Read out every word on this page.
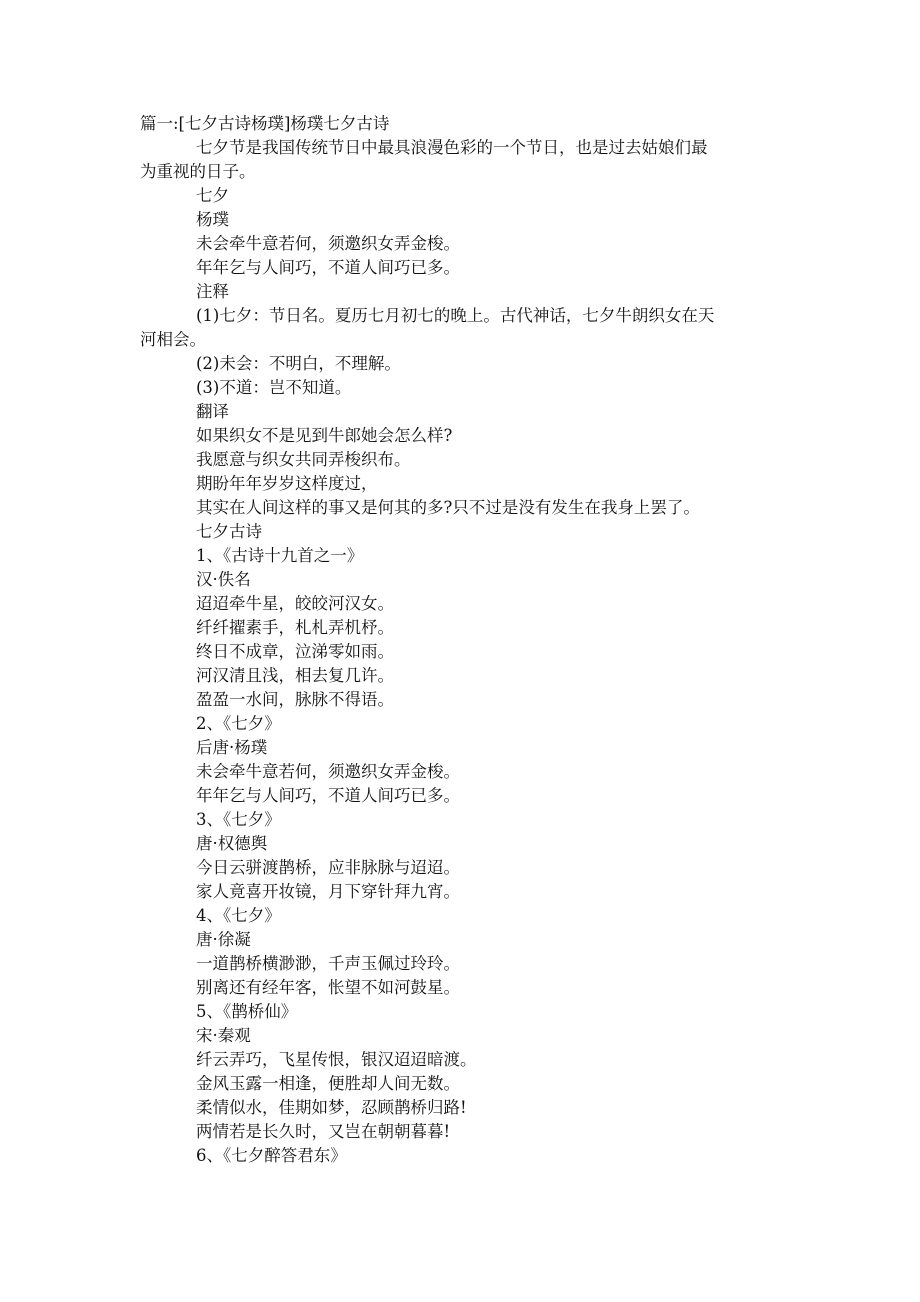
篇一:[七夕古诗杨璞]杨璞七夕古诗
七夕节是我国传统节日中最具浪漫色彩的一个节日，也是过去姑娘们最
为重视的日子。
七夕
杨璞
未会牵牛意若何，须邀织女弄金梭。
年年乞与人间巧，不道人间巧已多。
注释
(1)七夕：节日名。夏历七月初七的晚上。古代神话，七夕牛朗织女在天
河相会。
(2)未会：不明白，不理解。
(3)不道：岂不知道。
翻译
如果织女不是见到牛郎她会怎么样?
我愿意与织女共同弄梭织布。
期盼年年岁岁这样度过，
其实在人间这样的事又是何其的多?只不过是没有发生在我身上罢了。
七夕古诗
1、《古诗十九首之一》
汉·佚名
迢迢牵牛星，皎皎河汉女。
纤纤擢素手，札札弄机杼。
终日不成章，泣涕零如雨。
河汉清且浅，相去复几许。
盈盈一水间，脉脉不得语。
2、《七夕》
后唐·杨璞
未会牵牛意若何，须邀织女弄金梭。
年年乞与人间巧，不道人间巧已多。
3、《七夕》
唐·权德舆
今日云骈渡鹊桥，应非脉脉与迢迢。
家人竟喜开妆镜，月下穿针拜九宵。
4、《七夕》
唐·徐凝
一道鹊桥横渺渺，千声玉佩过玲玲。
别离还有经年客，怅望不如河鼓星。
5、《鹊桥仙》
宋·秦观
纤云弄巧，飞星传恨，银汉迢迢暗渡。
金风玉露一相逢，便胜却人间无数。
柔情似水，佳期如梦，忍顾鹊桥归路!
两情若是长久时，又岂在朝朝暮暮!
6、《七夕醉答君东》
